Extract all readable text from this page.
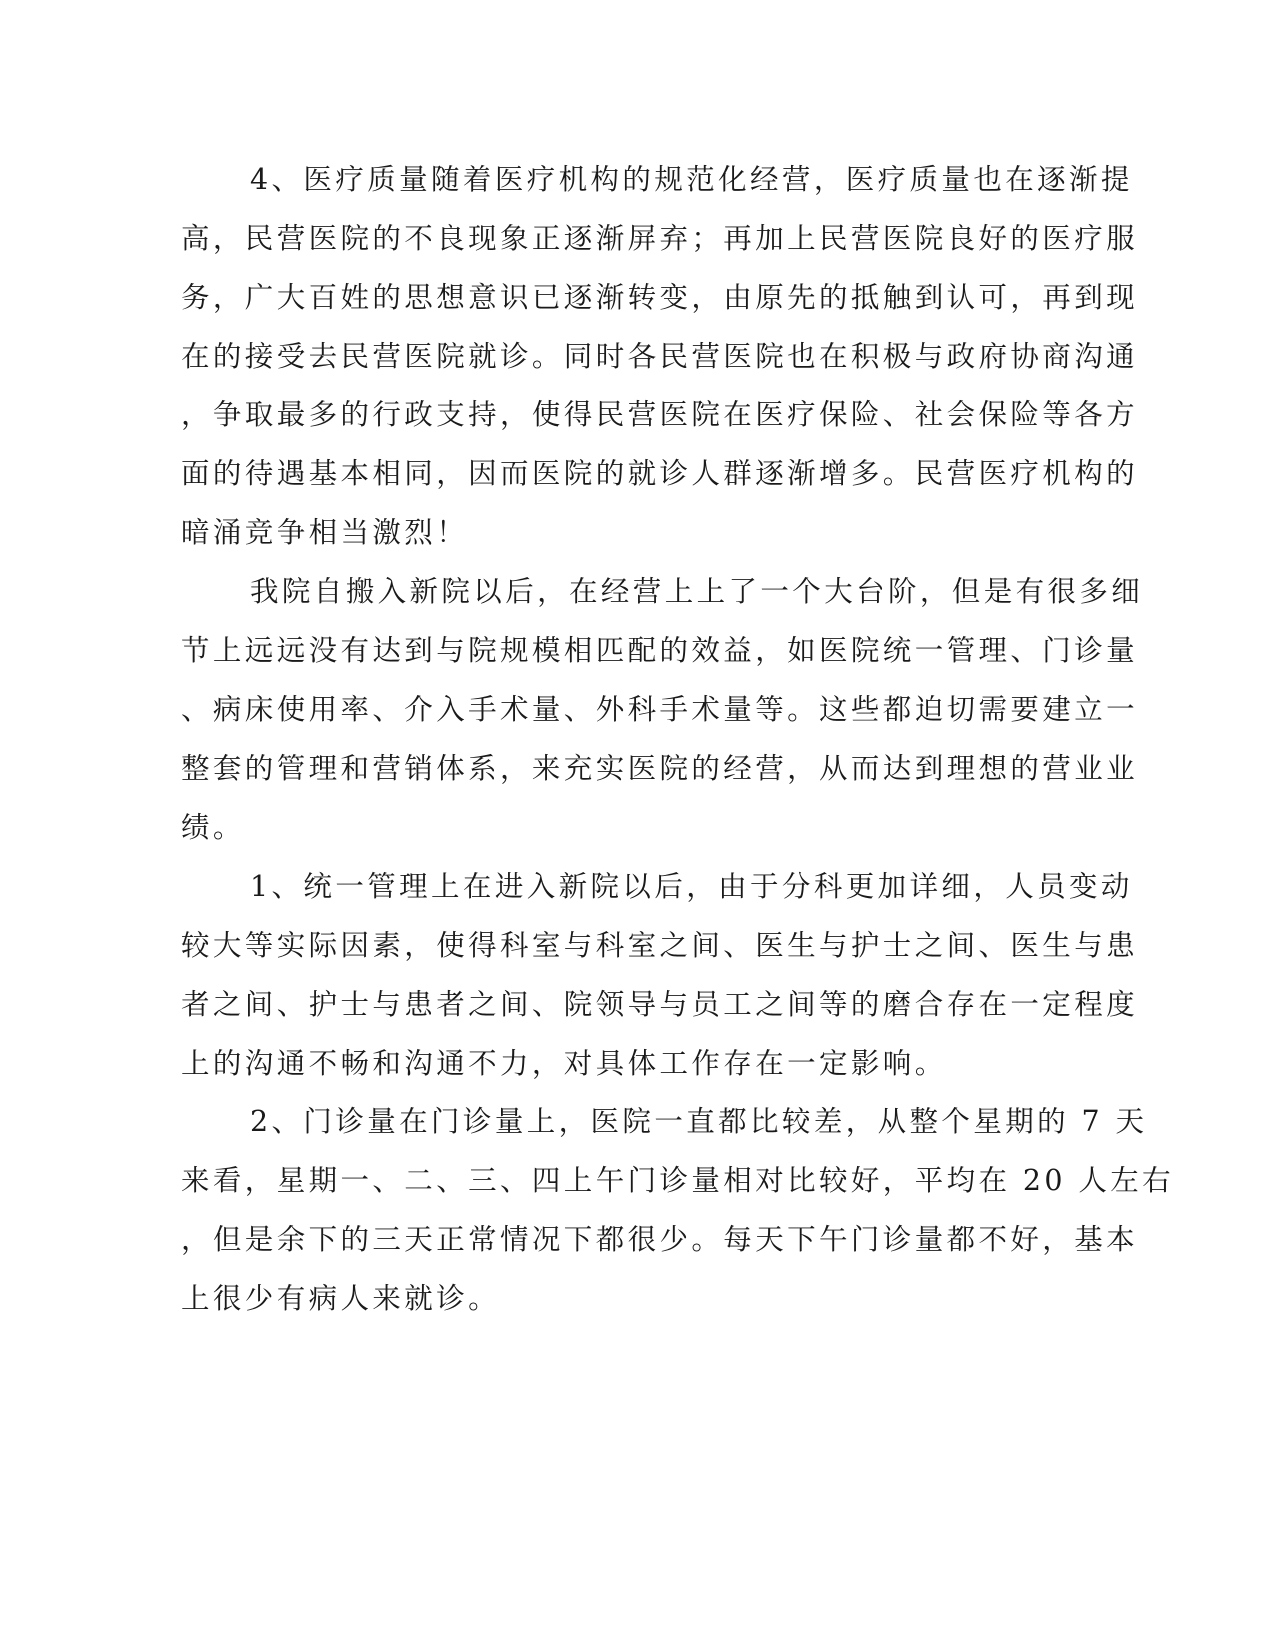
4、医疗质量随着医疗机构的规范化经营，医疗质量也在逐渐提

高，民营医院的不良现象正逐渐屏弃；再加上民营医院良好的医疗服

务，广大百姓的思想意识已逐渐转变，由原先的抵触到认可，再到现

在的接受去民营医院就诊。同时各民营医院也在积极与政府协商沟通

，争取最多的行政支持，使得民营医院在医疗保险、社会保险等各方

面的待遇基本相同，因而医院的就诊人群逐渐增多。民营医疗机构的

暗涌竞争相当激烈！

我院自搬入新院以后，在经营上上了一个大台阶，但是有很多细

节上远远没有达到与院规模相匹配的效益，如医院统一管理、门诊量

、病床使用率、介入手术量、外科手术量等。这些都迫切需要建立一

整套的管理和营销体系，来充实医院的经营，从而达到理想的营业业

绩。

1、统一管理上在进入新院以后，由于分科更加详细，人员变动

较大等实际因素，使得科室与科室之间、医生与护士之间、医生与患

者之间、护士与患者之间、院领导与员工之间等的磨合存在一定程度

上的沟通不畅和沟通不力，对具体工作存在一定影响。

2、门诊量在门诊量上，医院一直都比较差，从整个星期的 7 天

来看，星期一、二、三、四上午门诊量相对比较好，平均在 20 人左右

，但是余下的三天正常情况下都很少。每天下午门诊量都不好，基本

上很少有病人来就诊。
